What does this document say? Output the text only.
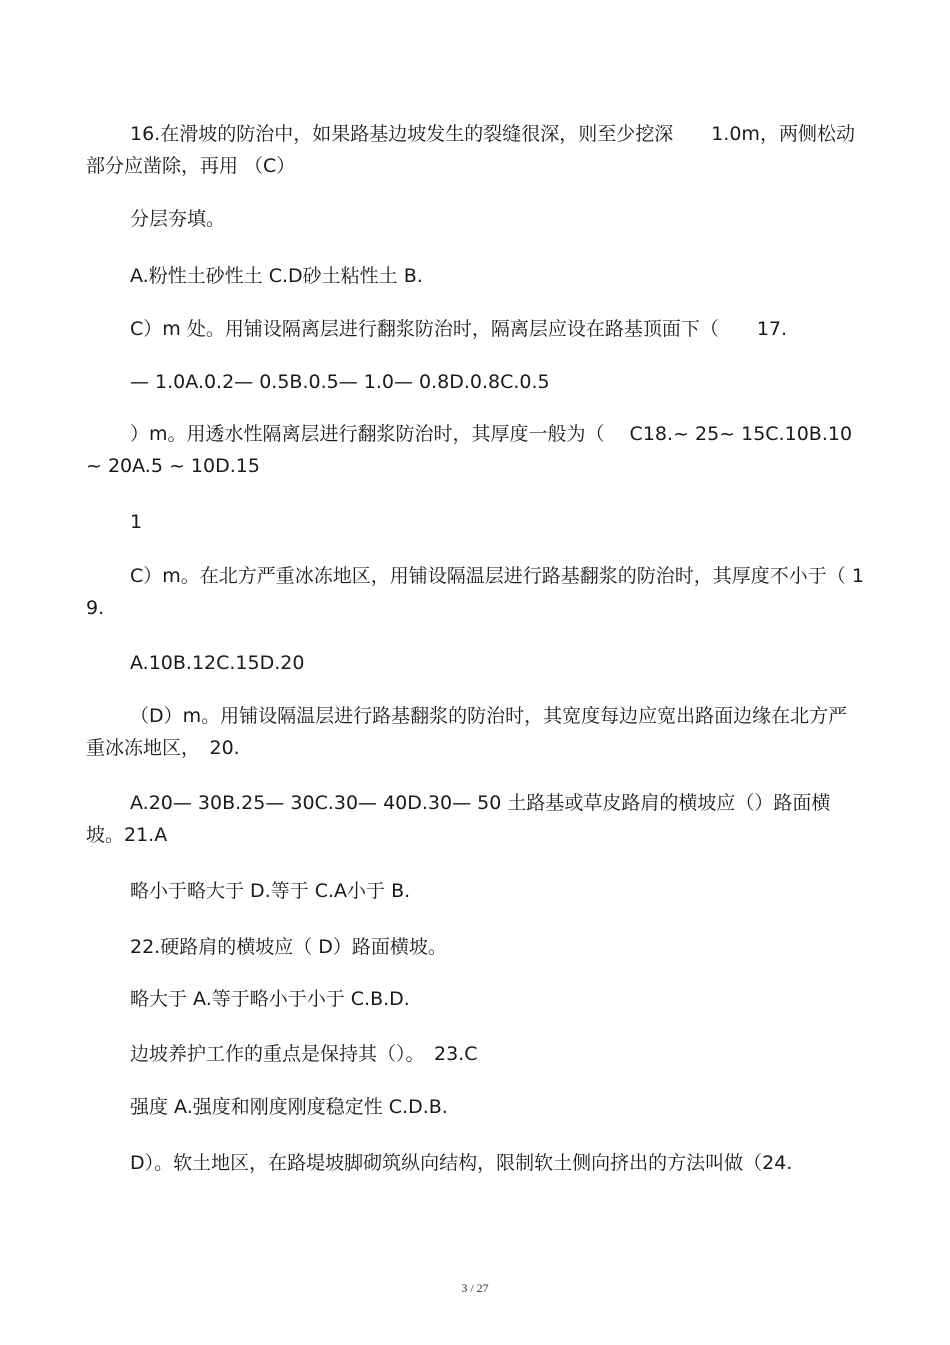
16.在滑坡的防治中，如果路基边坡发生的裂缝很深，则至少挖深　　1.0m，两侧松动部分应凿除，再用 （C）

分层夯填。

A.粉性土砂性土 C.D砂土粘性土 B.

C）m 处。用铺设隔离层进行翻浆防治时，隔离层应设在路基顶面下（　　17.

— 1.0A.0.2— 0.5B.0.5— 1.0— 0.8D.0.8C.0.5

）m。用透水性隔离层进行翻浆防治时，其厚度一般为（　 C18.~ 25~ 15C.10B.10~ 20A.5 ~ 10D.15

1

C）m。在北方严重冰冻地区，用铺设隔温层进行路基翻浆的防治时，其厚度不小于（ 19.

A.10B.12C.15D.20

（D）m。用铺设隔温层进行路基翻浆的防治时，其宽度每边应宽出路面边缘在北方严重冰冻地区，　20.

A.20— 30B.25— 30C.30— 40D.30— 50 土路基或草皮路肩的横坡应（）路面横坡。21.A

略小于略大于 D.等于 C.A小于 B.

22.硬路肩的横坡应（ D）路面横坡。

略大于 A.等于略小于小于 C.B.D.

边坡养护工作的重点是保持其（）。　23.C

强度 A.强度和刚度刚度稳定性 C.D.B.

D）。软土地区，在路堤坡脚砌筑纵向结构，限制软土侧向挤出的方法叫做（24.

3 / 27
